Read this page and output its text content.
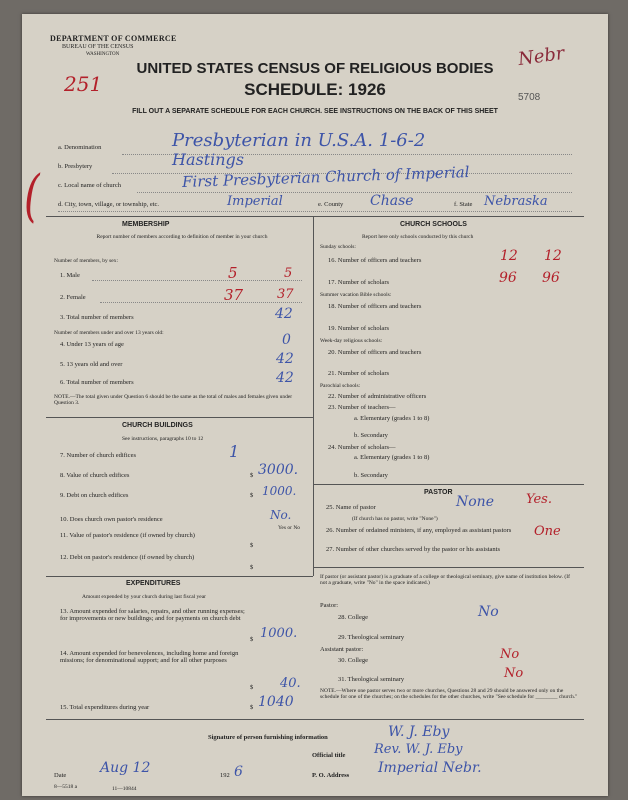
DEPARTMENT OF COMMERCE
BUREAU OF THE CENSUS
WASHINGTON
251
Nebr
UNITED STATES CENSUS OF RELIGIOUS BODIES
SCHEDULE: 1926	5708
FILL OUT A SEPARATE SCHEDULE FOR EACH CHURCH. SEE INSTRUCTIONS ON THE BACK OF THIS SHEET
a. Denomination	Presbyterian in U.S.A. 1-6-2
b. Presbytery	Hastings
c. Local name of church	First Presbyterian Church of Imperial
d. City, town, village, or township, etc.	Imperial	e. County Chase	f. State Nebraska
(	MEMBERSHIP
Report number of members according to definition of member in your church
Number of members, by sex:
1. Male	5	5
2. Female	37	37
3. Total number of members	42
Number of members under and over 13 years old:
4. Under 13 years of age	0
5. 13 years old and over	42
6. Total number of members	42
NOTE.—The total given under Question 6 should be the same as the total of males and females given under Question 3.
CHURCH BUILDINGS
See instructions, paragraphs 10 to 12
7. Number of church edifices	1
8. Value of church edifices	$ 3000.
9. Debt on church edifices	$ 1000.
10. Does church own pastor's residence	No.
Yes or No
11. Value of pastor's residence (if owned by church)
$
12. Debt on pastor's residence (if owned by church)
$
EXPENDITURES
Amount expended by your church during last fiscal year
13. Amount expended for salaries, repairs, and other running expenses; for improvements or new buildings; and for payments on church debt
$ 1000.
14. Amount expended for benevolences, including home and foreign missions; for denominational support; and for all other purposes
$ 40.
15. Total expenditures during year	$ 1040
CHURCH SCHOOLS
Report here only schools conducted by this church
Sunday schools:
16. Number of officers and teachers	12 12
17. Number of scholars	96 96
Summer vacation Bible schools:
18. Number of officers and teachers
19. Number of scholars
Week-day religious schools:
20. Number of officers and teachers
21. Number of scholars
Parochial schools:
22. Number of administrative officers
23. Number of teachers—
a. Elementary (grades 1 to 8)
b. Secondary
24. Number of scholars—
a. Elementary (grades 1 to 8)
b. Secondary
PASTOR
25. Name of pastor	None Yes.
(If church has no pastor, write "None")
26. Number of ordained ministers, if any, employed as assistant pastors	One
27. Number of other churches served by the pastor or his assistants
If pastor (or assistant pastor) is a graduate of a college or theological seminary, give name of institution below. (If not a graduate, write "No" in the space indicated.)
Pastor:
28. College	No
29. Theological seminary
Assistant pastor:
30. College	No
31. Theological seminary	No
NOTE.—Where one pastor serves two or more churches, Questions 28 and 29 should be answered only on the schedule for one of the churches; on the schedules for the other churches, write "See schedule for ________ church."
Signature of person furnishing information	W. J. Eby
Official title Rev. W. J. Eby
Date Aug 12	192 6	P. O. Address Imperial Nebr.
8—5518 a	11—10844
